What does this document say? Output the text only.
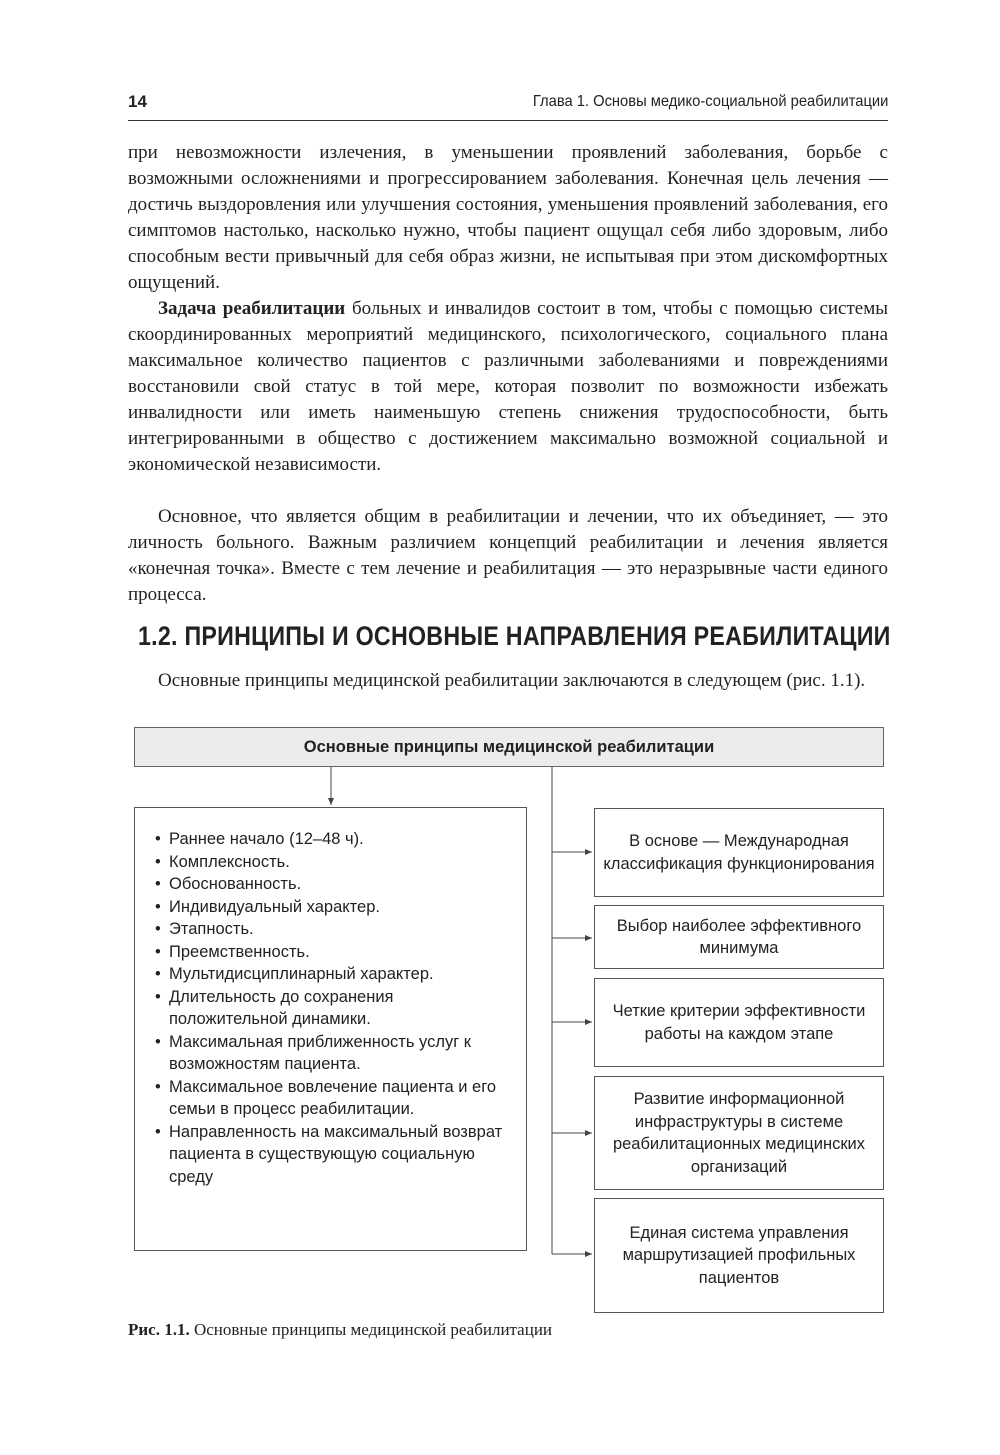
14	Глава 1. Основы медико-социальной реабилитации

при невозможности излечения, в уменьшении проявлений заболевания, борьбе с возможными осложнениями и прогрессированием заболевания. Конечная цель лечения — достичь выздоровления или улучшения состояния, уменьшения проявлений заболевания, его симптомов настолько, насколько нужно, чтобы пациент ощущал себя либо здоровым, либо способным вести привычный для себя образ жизни, не испытывая при этом дискомфортных ощущений.

Задача реабилитации больных и инвалидов состоит в том, чтобы с помощью системы скоординированных мероприятий медицинского, психологического, социального плана максимальное количество пациентов с различными заболеваниями и повреждениями восстановили свой статус в той мере, которая позволит по возможности избежать инвалидности или иметь наименьшую степень снижения трудоспособности, быть интегрированными в общество с достижением максимально возможной социальной и экономической независимости.

Основное, что является общим в реабилитации и лечении, что их объединяет, — это личность больного. Важным различием концепций реабилитации и лечения является «конечная точка». Вместе с тем лечение и реабилитация — это неразрывные части единого процесса.

1.2. ПРИНЦИПЫ И ОСНОВНЫЕ НАПРАВЛЕНИЯ РЕАБИЛИТАЦИИ

Основные принципы медицинской реабилитации заключаются в следующем (рис. 1.1).

Основные принципы медицинской реабилитации
• Раннее начало (12–48 ч).
• Комплексность.
• Обоснованность.
• Индивидуальный характер.
• Этапность.
• Преемственность.
• Мультидисциплинарный характер.
• Длительность до сохранения положительной динамики.
• Максимальная приближенность услуг к возможностям пациента.
• Максимальное вовлечение пациента и его семьи в процесс реабилитации.
• Направленность на максимальный возврат пациента в существующую социальную среду
В основе — Международная классификация функционирования
Выбор наиболее эффективного минимума
Четкие критерии эффективности работы на каждом этапе
Развитие информационной инфраструктуры в системе реабилитационных медицинских организаций
Единая система управления маршрутизацией профильных пациентов
Рис. 1.1. Основные принципы медицинской реабилитации
